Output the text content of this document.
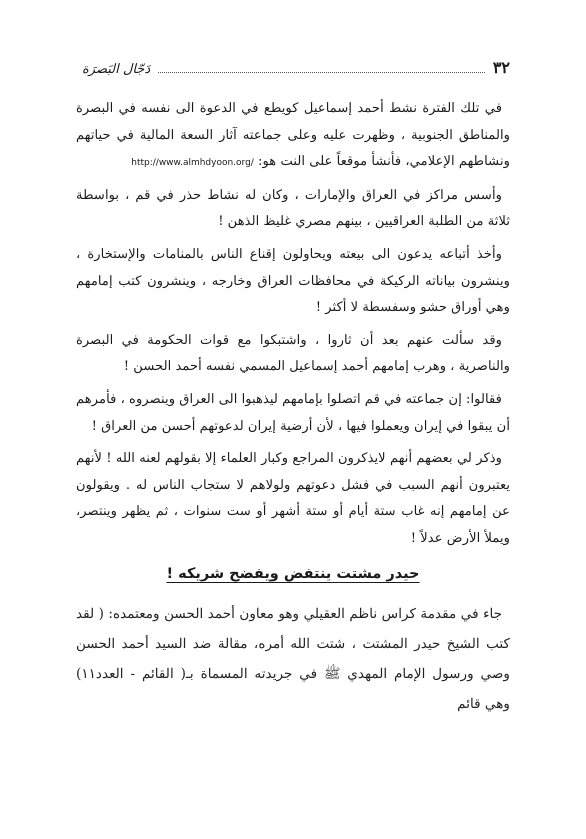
٣٢
دَجّال البَصرَة

في تلك الفترة نشط أحمد إسماعيل كويطع في الدعوة الى نفسه في البصرة والمناطق الجنوبية ، وظهرت عليه وعلى جماعته آثار السعة المالية في حياتهم ونشاطهم الإعلامي، فأنشأ موقعاً على النت هو: http://www.almhdyoon.org/

وأسس مراكز في العراق والإمارات ، وكان له نشاط حذر في قم ، بواسطة ثلاثة من الطلبة العراقيين ، بينهم مصري غليظ الذهن !

وأخذ أتباعه يدعون الى بيعته ويحاولون إقناع الناس بالمنامات والإستخارة ، وينشرون بياناته الركيكة في محافظات العراق وخارجه ، وينشرون كتب إمامهم وهي أوراق حشو وسفسطة لا أكثر !

وقد سألت عنهم بعد أن ثاروا ، واشتبكوا مع قوات الحكومة في البصرة والناصرية ، وهرب إمامهم أحمد إسماعيل المسمي نفسه أحمد الحسن !

فقالوا: إن جماعته في قم اتصلوا بإمامهم ليذهبوا الى العراق وينصروه ، فأمرهم أن يبقوا في إيران ويعملوا فيها ، لأن أرضية إيران لدعوتهم أحسن من العراق !

وذكر لي بعضهم أنهم لايذكرون المراجع وكبار العلماء إلا بقولهم لعنه الله ! لأنهم يعتبرون أنهم السبب في فشل دعوتهم ولولاهم لا ستجاب الناس له . ويقولون عن إمامهم إنه غاب ستة أيام أو ستة أشهر أو ست سنوات ، ثم يظهر وينتصر، ويملأ الأرض عدلاً !

حيدر مشتت ينتفض ويفضح شريكه !

جاء في مقدمة كراس ناظم العقيلي وهو معاون أحمد الحسن ومعتمده: ( لقد كتب الشيخ حيدر المشتت ، شتت الله أمره، مقالة ضد السيد أحمد الحسن وصي ورسول الإمام المهدي ﷺ في جريدته المسماة بـ( القائم - العدد١١) وهي قائم
